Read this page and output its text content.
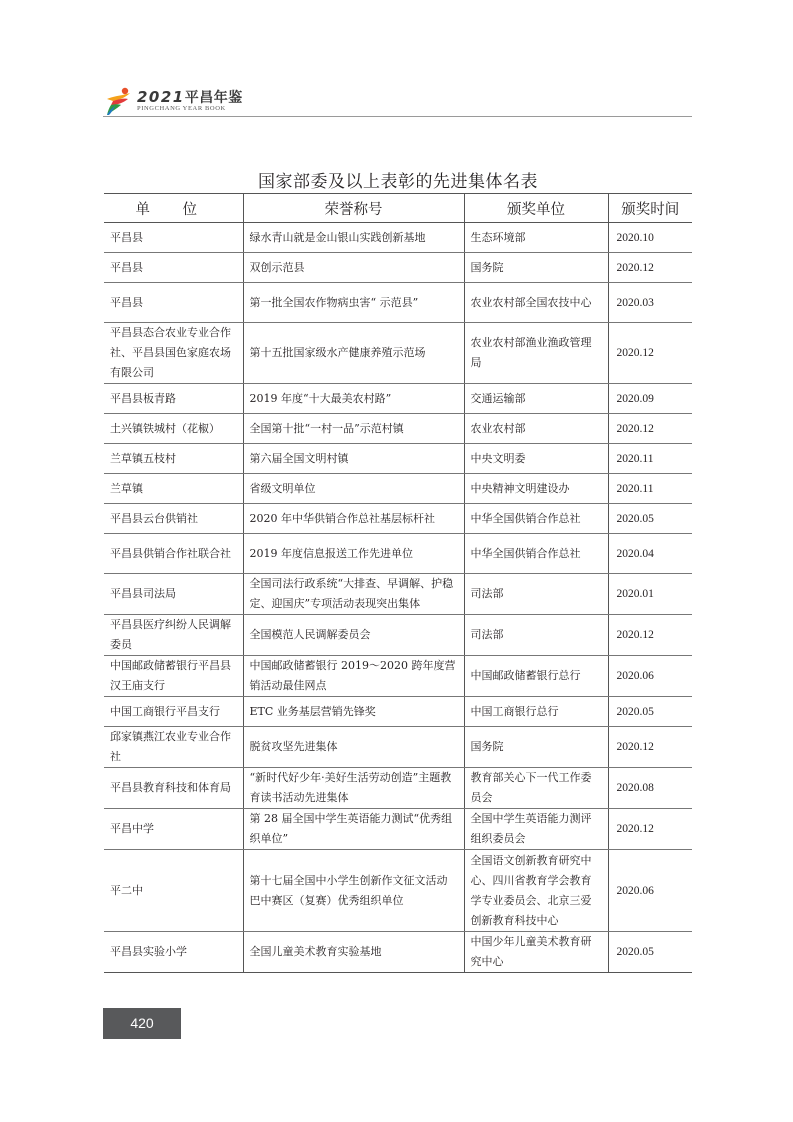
2021平昌年鉴
PINGCHANG YEAR BOOK
国家部委及以上表彰的先进集体名表
单 位	荣誉称号	颁奖单位	颁奖时间
平昌县	绿水青山就是金山银山实践创新基地	生态环境部	2020.10
平昌县	双创示范县	国务院	2020.12
平昌县	第一批全国农作物病虫害“ 示范县”	农业农村部全国农技中心	2020.03
平昌县态合农业专业合作社、平昌县国色家庭农场有限公司	第十五批国家级水产健康养殖示范场	农业农村部渔业渔政管理局	2020.12
平昌县板青路	2019 年度“十大最美农村路”	交通运输部	2020.09
土兴镇铁城村（花椒）	全国第十批“一村一品”示范村镇	农业农村部	2020.12
兰草镇五枝村	第六届全国文明村镇	中央文明委	2020.11
兰草镇	省级文明单位	中央精神文明建设办	2020.11
平昌县云台供销社	2020 年中华供销合作总社基层标杆社	中华全国供销合作总社	2020.05
平昌县供销合作社联合社	2019 年度信息报送工作先进单位	中华全国供销合作总社	2020.04
平昌县司法局	全国司法行政系统“大排查、早调解、护稳定、迎国庆”专项活动表现突出集体	司法部	2020.01
平昌县医疗纠纷人民调解委员	全国模范人民调解委员会	司法部	2020.12
中国邮政储蓄银行平昌县汉王庙支行	中国邮政储蓄银行 2019～2020 跨年度营销活动最佳网点	中国邮政储蓄银行总行	2020.06
中国工商银行平昌支行	ETC 业务基层营销先锋奖	中国工商银行总行	2020.05
邱家镇燕江农业专业合作社	脱贫攻坚先进集体	国务院	2020.12
平昌县教育科技和体育局	“新时代好少年·美好生活劳动创造”主题教育读书活动先进集体	教育部关心下一代工作委员会	2020.08
平昌中学	第 28 届全国中学生英语能力测试“优秀组织单位”	全国中学生英语能力测评组织委员会	2020.12
平二中	第十七届全国中小学生创新作文征文活动巴中赛区（复赛）优秀组织单位	全国语文创新教育研究中心、四川省教育学会教育学专业委员会、北京三爱创新教育科技中心	2020.06
平昌县实验小学	全国儿童美术教育实验基地	中国少年儿童美术教育研究中心	2020.05
420
